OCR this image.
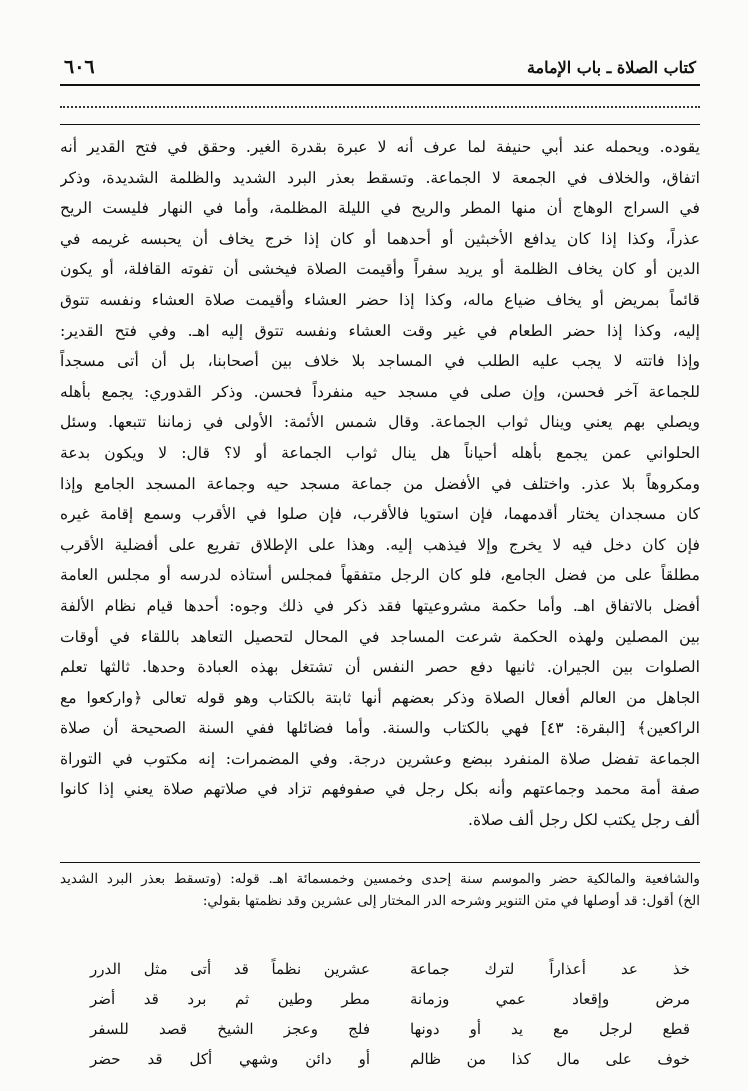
كتاب الصلاة ـ باب الإمامة
٦٠٦
يقوده. ويحمله عند أبي حنيفة لما عرف أنه لا عبرة بقدرة الغير. وحقق في فتح القدير أنه
اتفاق، والخلاف في الجمعة لا الجماعة. وتسقط بعذر البرد الشديد والظلمة الشديدة، وذكر
في السراج الوهاج أن منها المطر والريح في الليلة المظلمة، وأما في النهار فليست الريح
عذراً، وكذا إذا كان يدافع الأخبثين أو أحدهما أو كان إذا خرج يخاف أن يحبسه غريمه في
الدين أو كان يخاف الظلمة أو يريد سفراً وأقيمت الصلاة فيخشى أن تفوته القافلة، أو يكون
قائماً بمريض أو يخاف ضياع ماله، وكذا إذا حضر العشاء وأقيمت صلاة العشاء ونفسه تتوق
إليه، وكذا إذا حضر الطعام في غير وقت العشاء ونفسه تتوق إليه اهـ. وفي فتح القدير:
وإذا فاتته لا يجب عليه الطلب في المساجد بلا خلاف بين أصحابنا، بل أن أتى مسجداً
للجماعة آخر فحسن، وإن صلى في مسجد حيه منفرداً فحسن. وذكر القدوري: يجمع بأهله
ويصلي بهم يعني وينال ثواب الجماعة. وقال شمس الأئمة: الأولى في زماننا تتبعها. وسئل
الحلواني عمن يجمع بأهله أحياناً هل ينال ثواب الجماعة أو لا؟ قال: لا ويكون بدعة
ومكروهاً بلا عذر. واختلف في الأفضل من جماعة مسجد حيه وجماعة المسجد الجامع وإذا
كان مسجدان يختار أقدمهما، فإن استويا فالأقرب، فإن صلوا في الأقرب وسمع إقامة غيره
فإن كان دخل فيه لا يخرج وإلا فيذهب إليه. وهذا على الإطلاق تفريع على أفضلية الأقرب
مطلقاً على من فضل الجامع، فلو كان الرجل متفقهاً فمجلس أستاذه لدرسه أو مجلس العامة
أفضل بالاتفاق اهـ. وأما حكمة مشروعيتها فقد ذكر في ذلك وجوه: أحدها قيام نظام الألفة
بين المصلين ولهذه الحكمة شرعت المساجد في المحال لتحصيل التعاهد باللقاء في أوقات
الصلوات بين الجيران. ثانيها دفع حصر النفس أن تشتغل بهذه العبادة وحدها. ثالثها تعلم
الجاهل من العالم أفعال الصلاة وذكر بعضهم أنها ثابتة بالكتاب وهو قوله تعالى ﴿واركعوا مع
الراكعين﴾ [البقرة: ٤٣] فهي بالكتاب والسنة. وأما فضائلها ففي السنة الصحيحة أن صلاة
الجماعة تفضل صلاة المنفرد ببضع وعشرين درجة. وفي المضمرات: إنه مكتوب في التوراة
صفة أمة محمد وجماعتهم وأنه بكل رجل في صفوفهم تزاد في صلاتهم صلاة يعني إذا كانوا
ألف رجل يكتب لكل رجل ألف صلاة.
والشافعية والمالكية حضر والموسم سنة إحدى وخمسين وخمسمائة اهـ. قوله: (وتسقط بعذر البرد الشديد
الخ) أقول: قد أوصلها في متن التنوير وشرحه الدر المختار إلى عشرين وقد نظمتها بقولي:
خذ عد أعذاراً لترك جماعة
عشرين نظماً قد أتى مثل الدرر
مرض وإقعاد عمي وزمانة
مطر وطين ثم برد قد أضر
قطع لرجل مع يد أو دونها
فلج وعجز الشيخ قصد للسفر
خوف على مال كذا من ظالم
أو دائن وشهي أكل قد حضر
